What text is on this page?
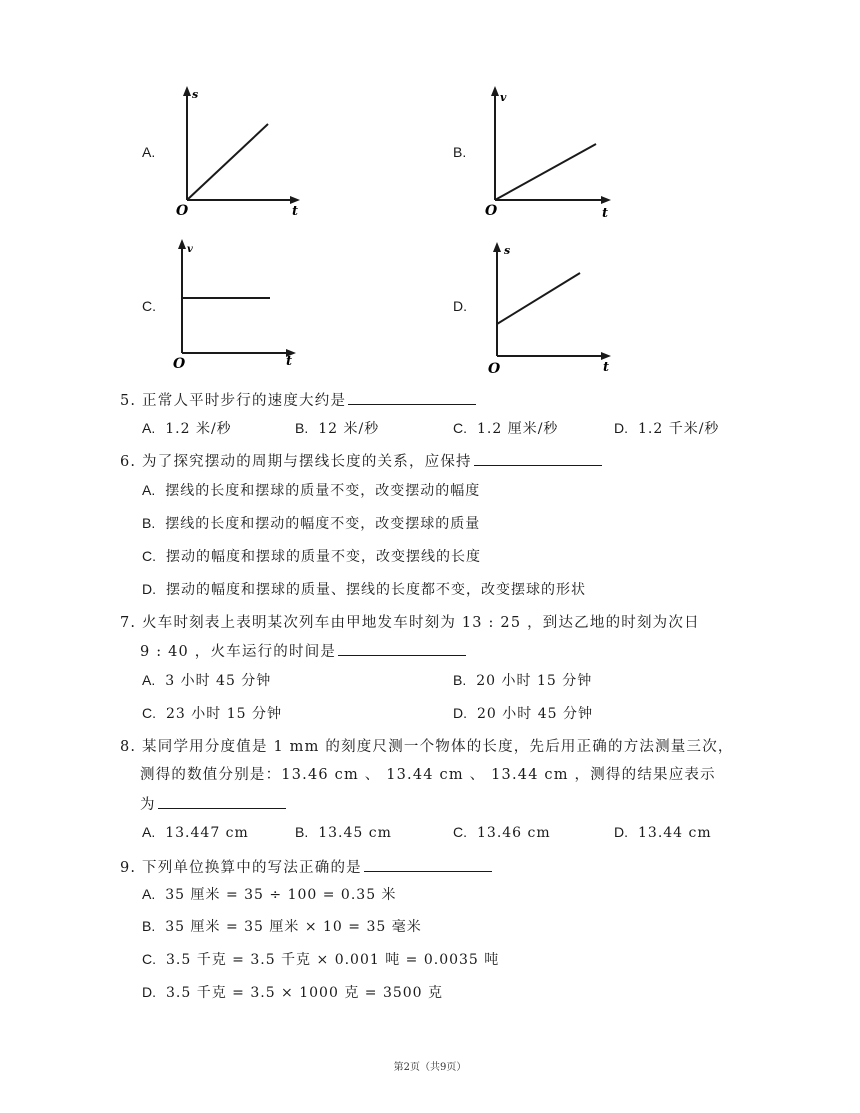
A.
s
t
O
B.
v
t
O
C.
v
t
O
D.
s
t
O
5. 正常人平时步行的速度大约是
A. 1.2 米/秒	B. 12 米/秒	C. 1.2 厘米/秒	D. 1.2 千米/秒
6. 为了探究摆动的周期与摆线长度的关系，应保持
A. 摆线的长度和摆球的质量不变，改变摆动的幅度
B. 摆线的长度和摆动的幅度不变，改变摆球的质量
C. 摆动的幅度和摆球的质量不变，改变摆线的长度
D. 摆动的幅度和摆球的质量、摆线的长度都不变，改变摆球的形状
7. 火车时刻表上表明某次列车由甲地发车时刻为 13 : 25 ，到达乙地的时刻为次日
9 : 40 ，火车运行的时间是
A. 3 小时 45 分钟	B. 20 小时 15 分钟
C. 23 小时 15 分钟	D. 20 小时 45 分钟
8. 某同学用分度值是 1 mm 的刻度尺测一个物体的长度，先后用正确的方法测量三次，
测得的数值分别是：13.46 cm 、 13.44 cm 、 13.44 cm ，测得的结果应表示
为
A. 13.447 cm	B. 13.45 cm	C. 13.46 cm	D. 13.44 cm
9. 下列单位换算中的写法正确的是
A. 35 厘米 = 35 ÷ 100 = 0.35 米
B. 35 厘米 = 35 厘米 × 10 = 35 毫米
C. 3.5 千克 = 3.5 千克 × 0.001 吨 = 0.0035 吨
D. 3.5 千克 = 3.5 × 1000 克 = 3500 克
第2页（共9页）
